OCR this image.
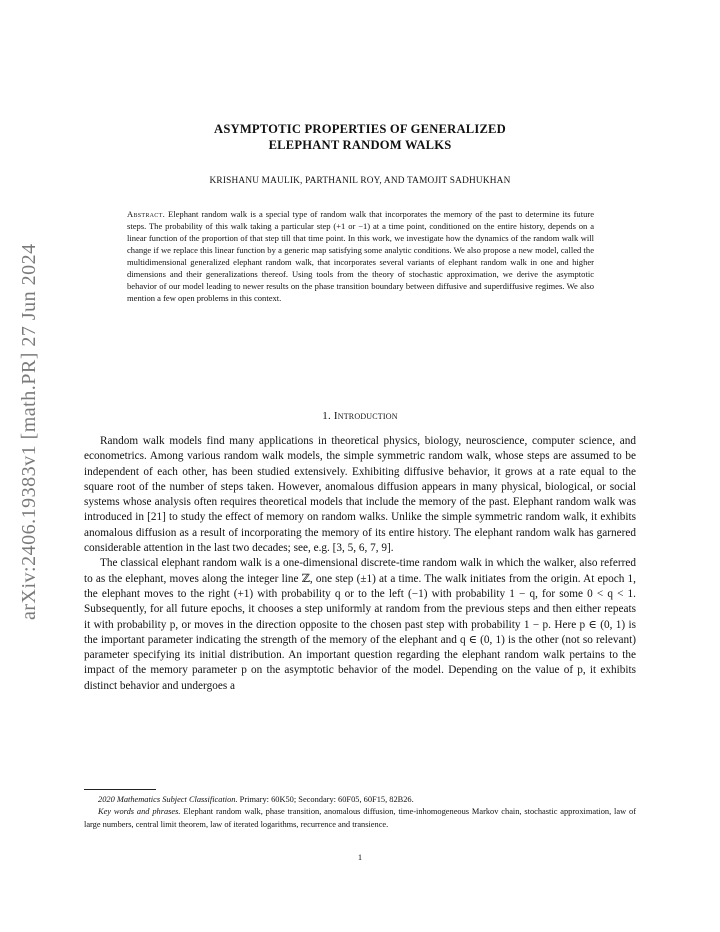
arXiv:2406.19383v1 [math.PR] 27 Jun 2024
ASYMPTOTIC PROPERTIES OF GENERALIZED
ELEPHANT RANDOM WALKS
KRISHANU MAULIK, PARTHANIL ROY, AND TAMOJIT SADHUKHAN
Abstract. Elephant random walk is a special type of random walk that incorporates the memory of the past to determine its future steps. The probability of this walk taking a particular step (+1 or −1) at a time point, conditioned on the entire history, depends on a linear function of the proportion of that step till that time point. In this work, we investigate how the dynamics of the random walk will change if we replace this linear function by a generic map satisfying some analytic conditions. We also propose a new model, called the multidimensional generalized elephant random walk, that incorporates several variants of elephant random walk in one and higher dimensions and their generalizations thereof. Using tools from the theory of stochastic approximation, we derive the asymptotic behavior of our model leading to newer results on the phase transition boundary between diffusive and superdiffusive regimes. We also mention a few open problems in this context.
1. Introduction

Random walk models find many applications in theoretical physics, biology, neuroscience, computer science, and econometrics. Among various random walk models, the simple symmetric random walk, whose steps are assumed to be independent of each other, has been studied extensively. Exhibiting diffusive behavior, it grows at a rate equal to the square root of the number of steps taken. However, anomalous diffusion appears in many physical, biological, or social systems whose analysis often requires theoretical models that include the memory of the past. Elephant random walk was introduced in [21] to study the effect of memory on random walks. Unlike the simple symmetric random walk, it exhibits anomalous diffusion as a result of incorporating the memory of its entire history. The elephant random walk has garnered considerable attention in the last two decades; see, e.g. [3, 5, 6, 7, 9].

The classical elephant random walk is a one-dimensional discrete-time random walk in which the walker, also referred to as the elephant, moves along the integer line ℤ, one step (±1) at a time. The walk initiates from the origin. At epoch 1, the elephant moves to the right (+1) with probability q or to the left (−1) with probability 1 − q, for some 0 < q < 1. Subsequently, for all future epochs, it chooses a step uniformly at random from the previous steps and then either repeats it with probability p, or moves in the direction opposite to the chosen past step with probability 1 − p. Here p ∈ (0, 1) is the important parameter indicating the strength of the memory of the elephant and q ∈ (0, 1) is the other (not so relevant) parameter specifying its initial distribution. An important question regarding the elephant random walk pertains to the impact of the memory parameter p on the asymptotic behavior of the model. Depending on the value of p, it exhibits distinct behavior and undergoes a

2020 Mathematics Subject Classification. Primary: 60K50; Secondary: 60F05, 60F15, 82B26.

Key words and phrases. Elephant random walk, phase transition, anomalous diffusion, time-inhomogeneous Markov chain, stochastic approximation, law of large numbers, central limit theorem, law of iterated logarithms, recurrence and transience.

1
